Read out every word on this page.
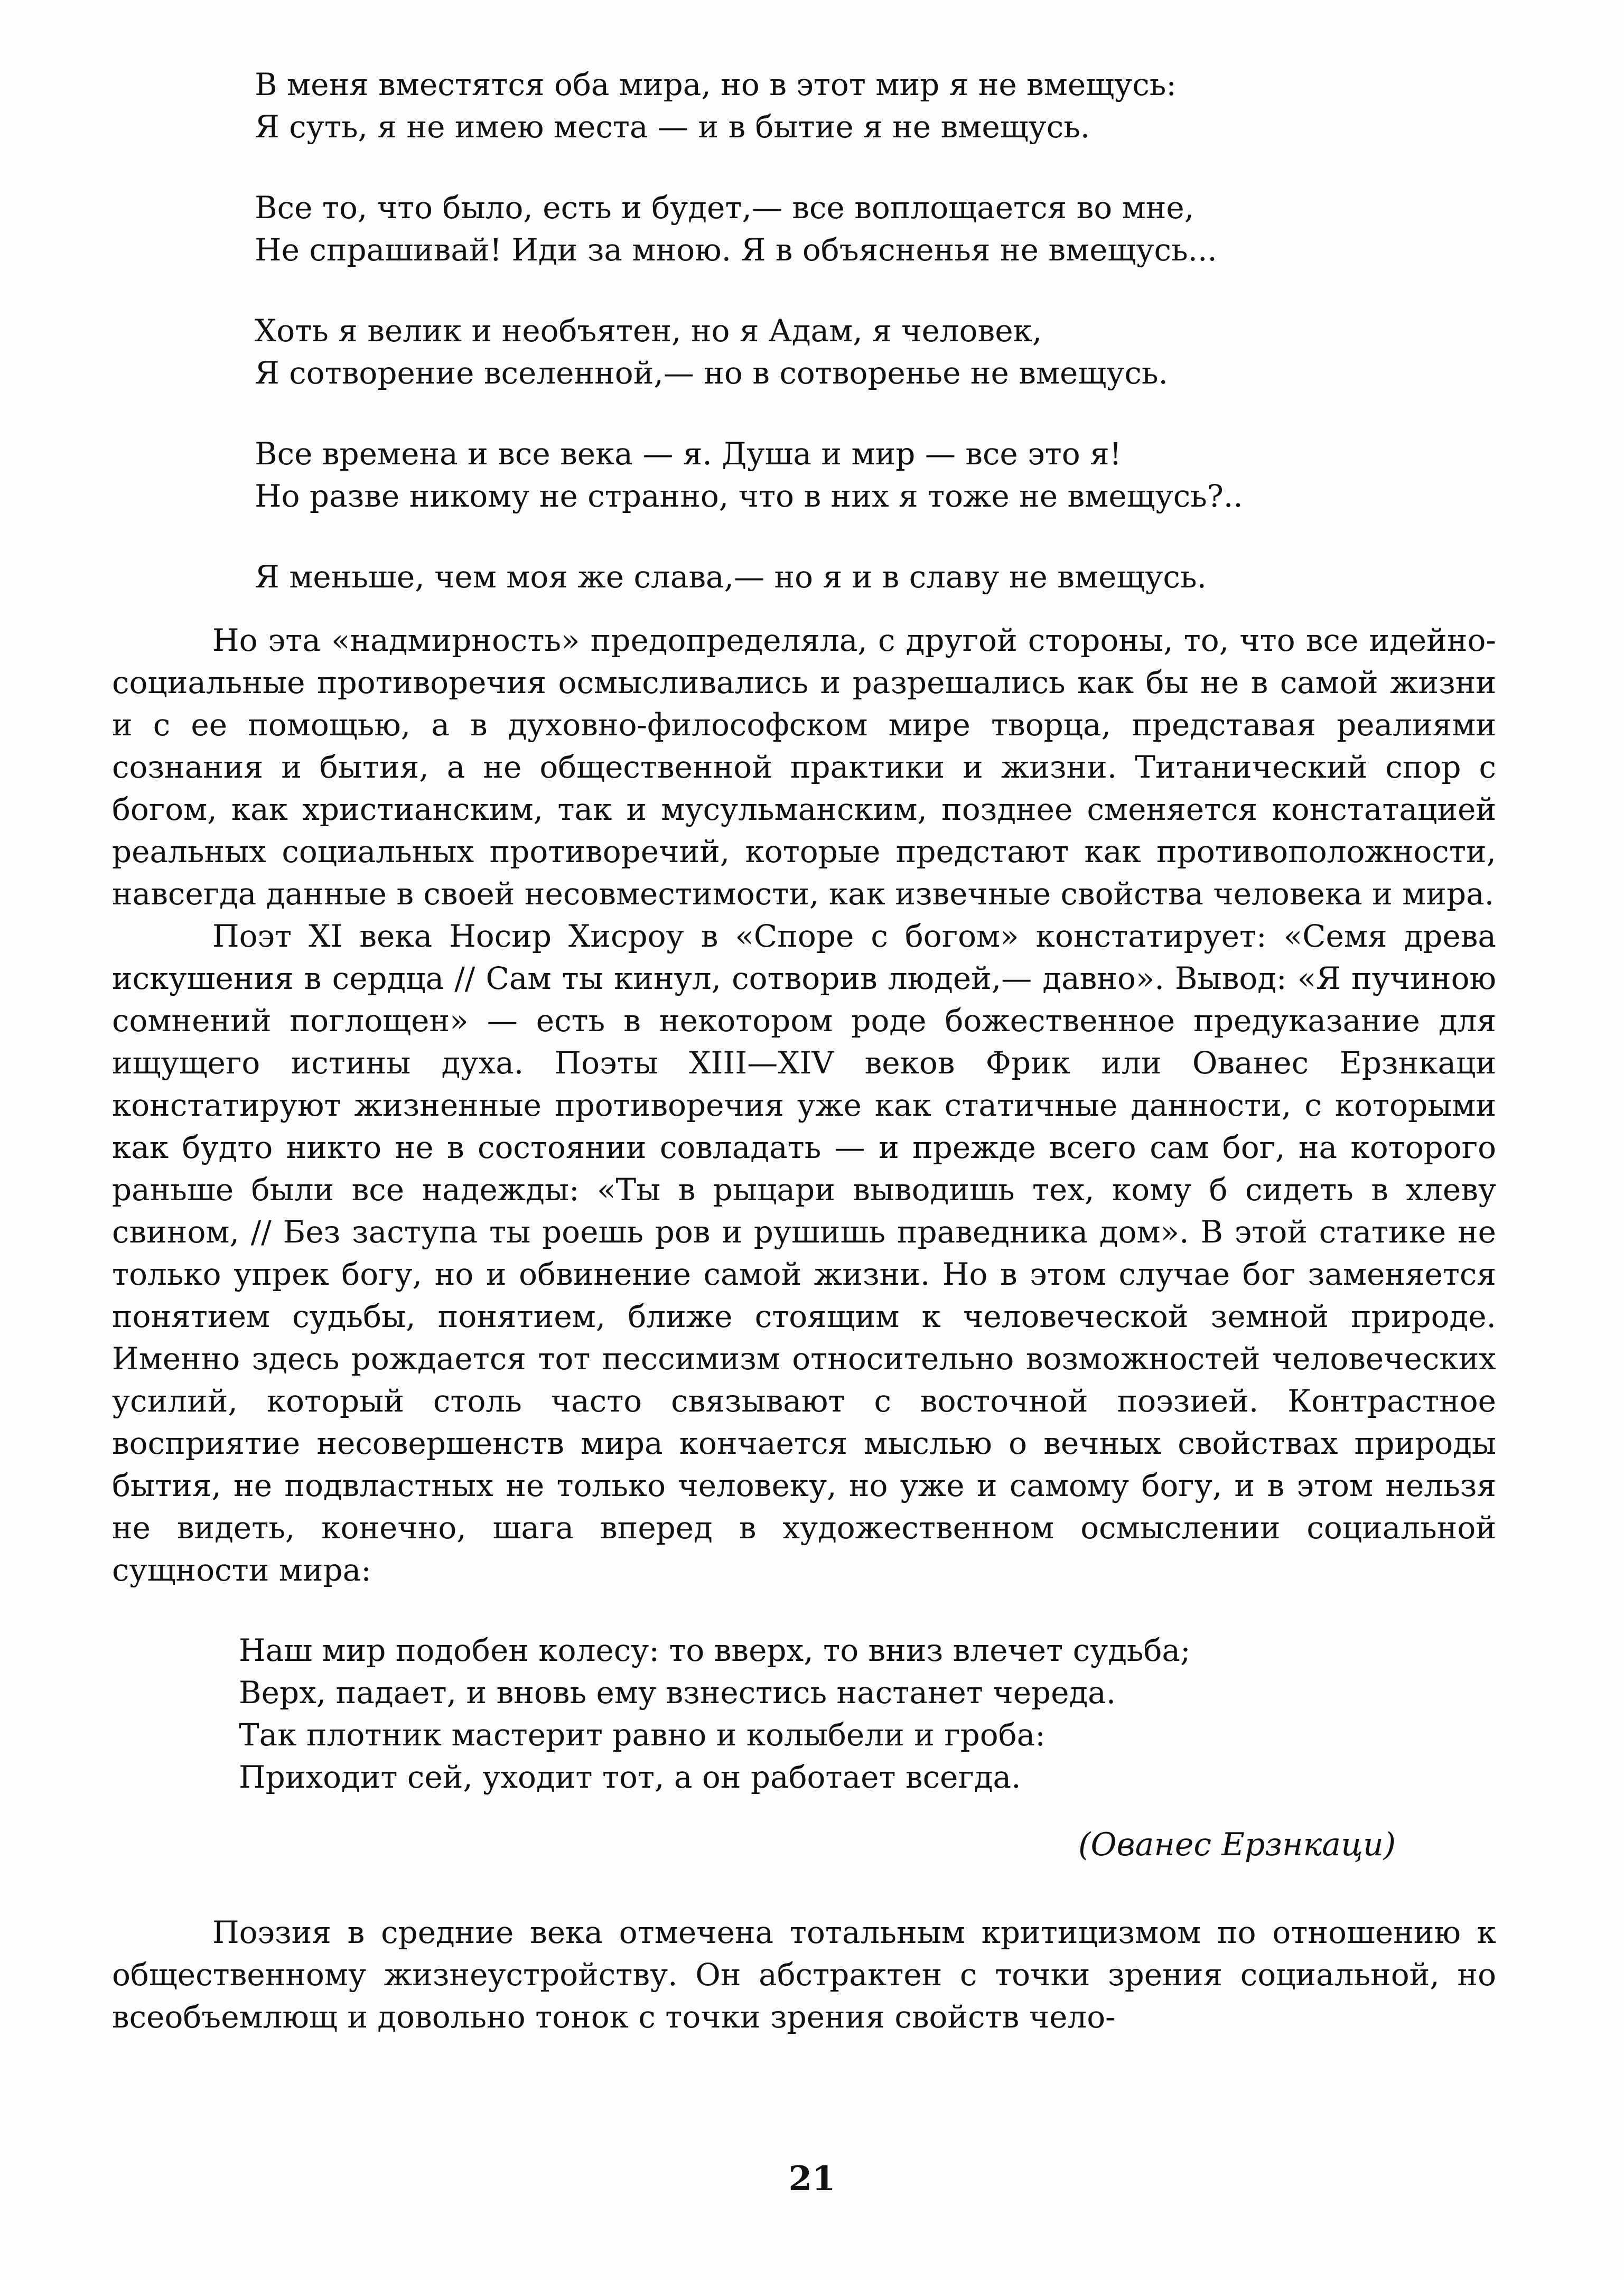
В меня вместятся оба мира, но в этот мир я не вмещусь:
Я суть, я не имею места — и в бытие я не вмещусь.
Все то, что было, есть и будет,— все воплощается во мне,
Не спрашивай! Иди за мною. Я в объясненья не вмещусь...
Хоть я велик и необъятен, но я Адам, я человек,
Я сотворение вселенной,— но в сотворенье не вмещусь.
Все времена и все века — я. Душа и мир — все это я!
Но разве никому не странно, что в них я тоже не вмещусь?..
Я меньше, чем моя же слава,— но я и в славу не вмещусь.

Но эта «надмирность» предопределяла, с другой стороны, то, что все идейно-социальные противоречия осмысливались и разрешались как бы не в самой жизни и с ее помощью, а в духовно-философском мире творца, представая реалиями сознания и бытия, а не общественной практики и жизни. Титанический спор с богом, как христианским, так и мусульманским, позднее сменяется констатацией реальных социальных противоречий, которые предстают как противоположности, навсегда данные в своей несовместимости, как извечные свойства человека и мира.

Поэт XI века Носир Хисроу в «Споре с богом» констатирует: «Семя древа искушения в сердца // Сам ты кинул, сотворив людей,— давно». Вывод: «Я пучиною сомнений поглощен» — есть в некотором роде божественное предуказание для ищущего истины духа. Поэты XIII—XIV веков Фрик или Ованес Ерзнкаци констатируют жизненные противоречия уже как статичные данности, с которыми как будто никто не в состоянии совладать — и прежде всего сам бог, на которого раньше были все надежды: «Ты в рыцари выводишь тех, кому б сидеть в хлеву свином, // Без заступа ты роешь ров и рушишь праведника дом». В этой статике не только упрек богу, но и обвинение самой жизни. Но в этом случае бог заменяется понятием судьбы, понятием, ближе стоящим к человеческой земной природе. Именно здесь рождается тот пессимизм относительно возможностей человеческих усилий, который столь часто связывают с восточной поэзией. Контрастное восприятие несовершенств мира кончается мыслью о вечных свойствах природы бытия, не подвластных не только человеку, но уже и самому богу, и в этом нельзя не видеть, конечно, шага вперед в художественном осмыслении социальной сущности мира:

Наш мир подобен колесу: то вверх, то вниз влечет судьба;
Верх, падает, и вновь ему взнестись настанет череда.
Так плотник мастерит равно и колыбели и гроба:
Приходит сей, уходит тот, а он работает всегда.
(Ованес Ерзнкаци)

Поэзия в средние века отмечена тотальным критицизмом по отношению к общественному жизнеустройству. Он абстрактен с точки зрения социальной, но всеобъемлющ и довольно тонок с точки зрения свойств чело-

21
